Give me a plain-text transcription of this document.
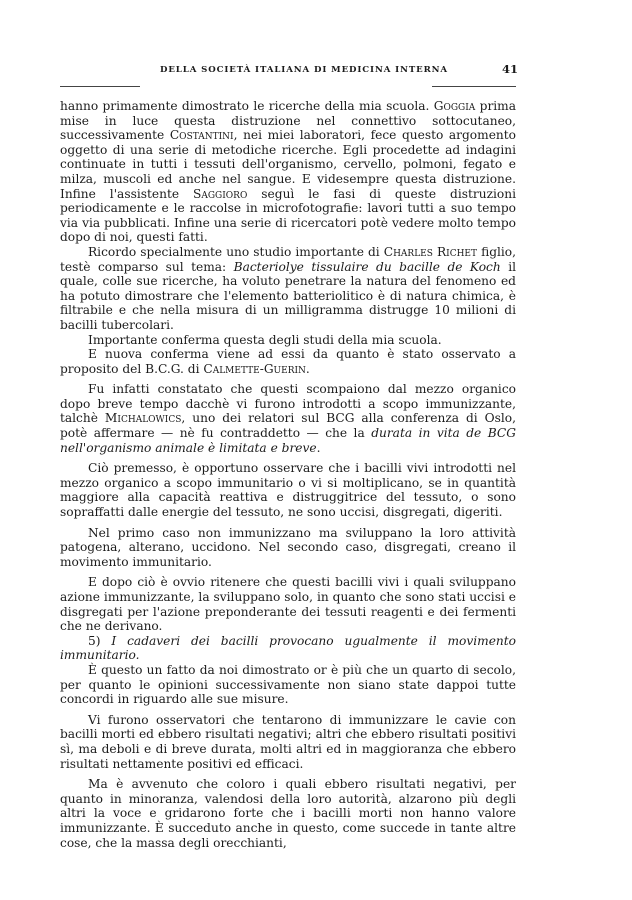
DELLA SOCIETÀ ITALIANA DI MEDICINA INTERNA	41

hanno primamente dimostrato le ricerche della mia scuola. Goggia prima mise in luce questa distruzione nel connettivo sottocutaneo, successivamente Costantini, nei miei laboratori, fece questo argomento oggetto di una serie di metodiche ricerche. Egli procedette ad indagini continuate in tutti i tessuti dell'organismo, cervello, polmoni, fegato e milza, muscoli ed anche nel sangue. E videsempre questa distruzione. Infine l'assistente Saggioro seguì le fasi di queste distruzioni periodicamente e le raccolse in microfotografie: lavori tutti a suo tempo via via pubblicati. Infine una serie di ricercatori potè vedere molto tempo dopo di noi, questi fatti.

Ricordo specialmente uno studio importante di Charles Richet figlio, testè comparso sul tema: Bacteriolye tissulaire du bacille de Koch il quale, colle sue ricerche, ha voluto penetrare la natura del fenomeno ed ha potuto dimostrare che l'elemento batteriolitico è di natura chimica, è filtrabile e che nella misura di un milligramma distrugge 10 milioni di bacilli tubercolari.

Importante conferma questa degli studi della mia scuola.

E nuova conferma viene ad essi da quanto è stato osservato a proposito del B.C.G. di Calmette-Guerin.

Fu infatti constatato che questi scompaiono dal mezzo organico dopo breve tempo dacchè vi furono introdotti a scopo immunizzante, talchè Michalowics, uno dei relatori sul BCG alla conferenza di Oslo, potè affermare — nè fu contraddetto — che la durata in vita de BCG nell'organismo animale è limitata e breve.

Ciò premesso, è opportuno osservare che i bacilli vivi introdotti nel mezzo organico a scopo immunitario o vi si moltiplicano, se in quantità maggiore alla capacità reattiva e distruggitrice del tessuto, o sono sopraffatti dalle energie del tessuto, ne sono uccisi, disgregati, digeriti.

Nel primo caso non immunizzano ma sviluppano la loro attività patogena, alterano, uccidono. Nel secondo caso, disgregati, creano il movimento immunitario.

E dopo ciò è ovvio ritenere che questi bacilli vivi i quali sviluppano azione immunizzante, la sviluppano solo, in quanto che sono stati uccisi e disgregati per l'azione preponderante dei tessuti reagenti e dei fermenti che ne derivano.

5) I cadaveri dei bacilli provocano ugualmente il movimento immunitario.

È questo un fatto da noi dimostrato or è più che un quarto di secolo, per quanto le opinioni successivamente non siano state dappoi tutte concordi in riguardo alle sue misure.

Vi furono osservatori che tentarono di immunizzare le cavie con bacilli morti ed ebbero risultati negativi; altri che ebbero risultati positivi sì, ma deboli e di breve durata, molti altri ed in maggioranza che ebbero risultati nettamente positivi ed efficaci.

Ma è avvenuto che coloro i quali ebbero risultati negativi, per quanto in minoranza, valendosi della loro autorità, alzarono più degli altri la voce e gridarono forte che i bacilli morti non hanno valore immunizzante. È succeduto anche in questo, come succede in tante altre cose, che la massa degli orecchianti,
